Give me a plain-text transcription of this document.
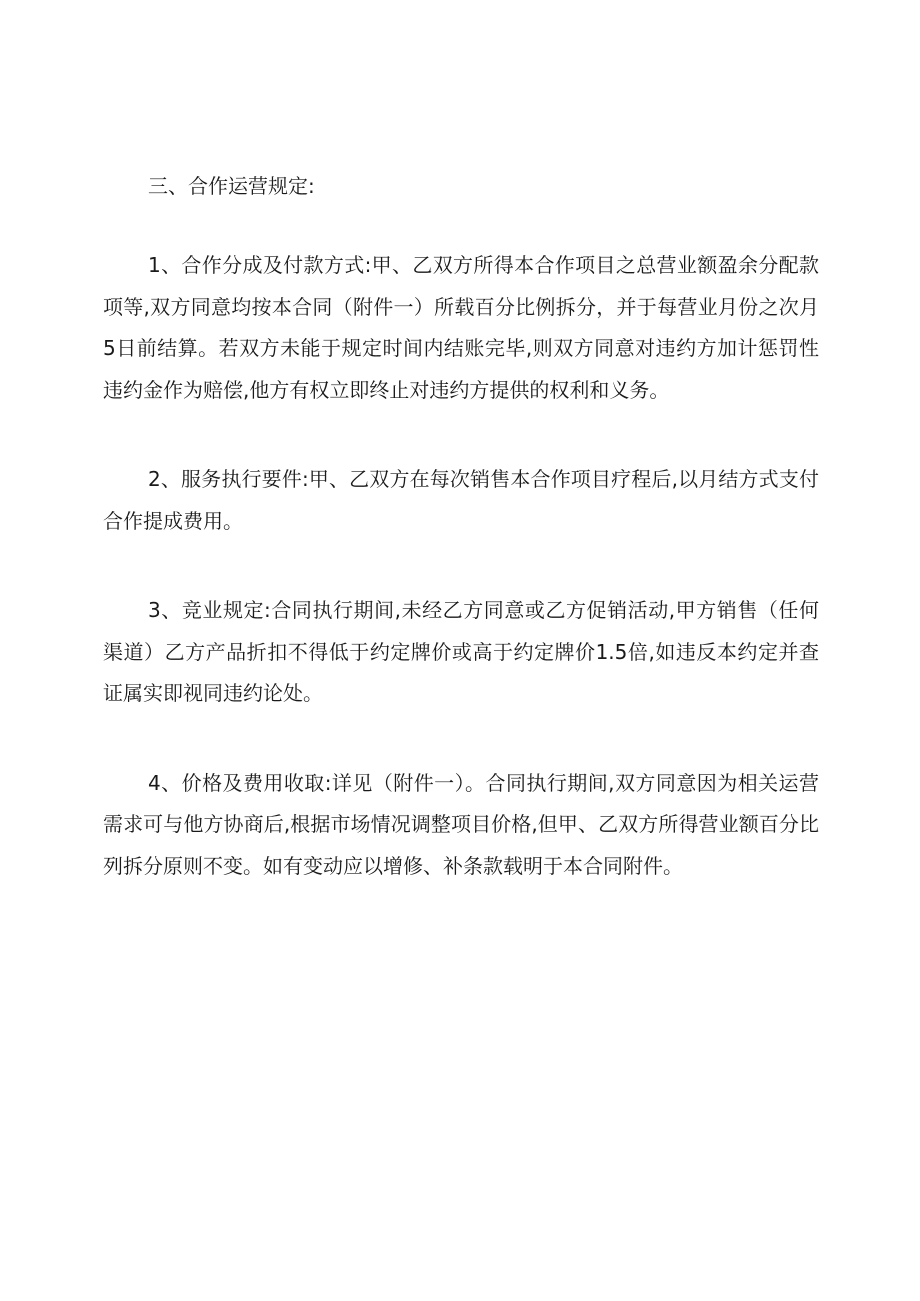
三、合作运营规定:

1、合作分成及付款方式:甲、乙双方所得本合作项目之总营业额盈余分配款项等,双方同意均按本合同（附件一）所载百分比例拆分，并于每营业月份之次月5日前结算。若双方未能于规定时间内结账完毕,则双方同意对违约方加计惩罚性违约金作为赔偿,他方有权立即终止对违约方提供的权利和义务。

2、服务执行要件:甲、乙双方在每次销售本合作项目疗程后,以月结方式支付合作提成费用。

3、竞业规定:合同执行期间,未经乙方同意或乙方促销活动,甲方销售（任何渠道）乙方产品折扣不得低于约定牌价或高于约定牌价1.5倍,如违反本约定并查证属实即视同违约论处。

4、价格及费用收取:详见（附件一）。合同执行期间,双方同意因为相关运营需求可与他方协商后,根据市场情况调整项目价格,但甲、乙双方所得营业额百分比列拆分原则不变。如有变动应以增修、补条款载明于本合同附件。
